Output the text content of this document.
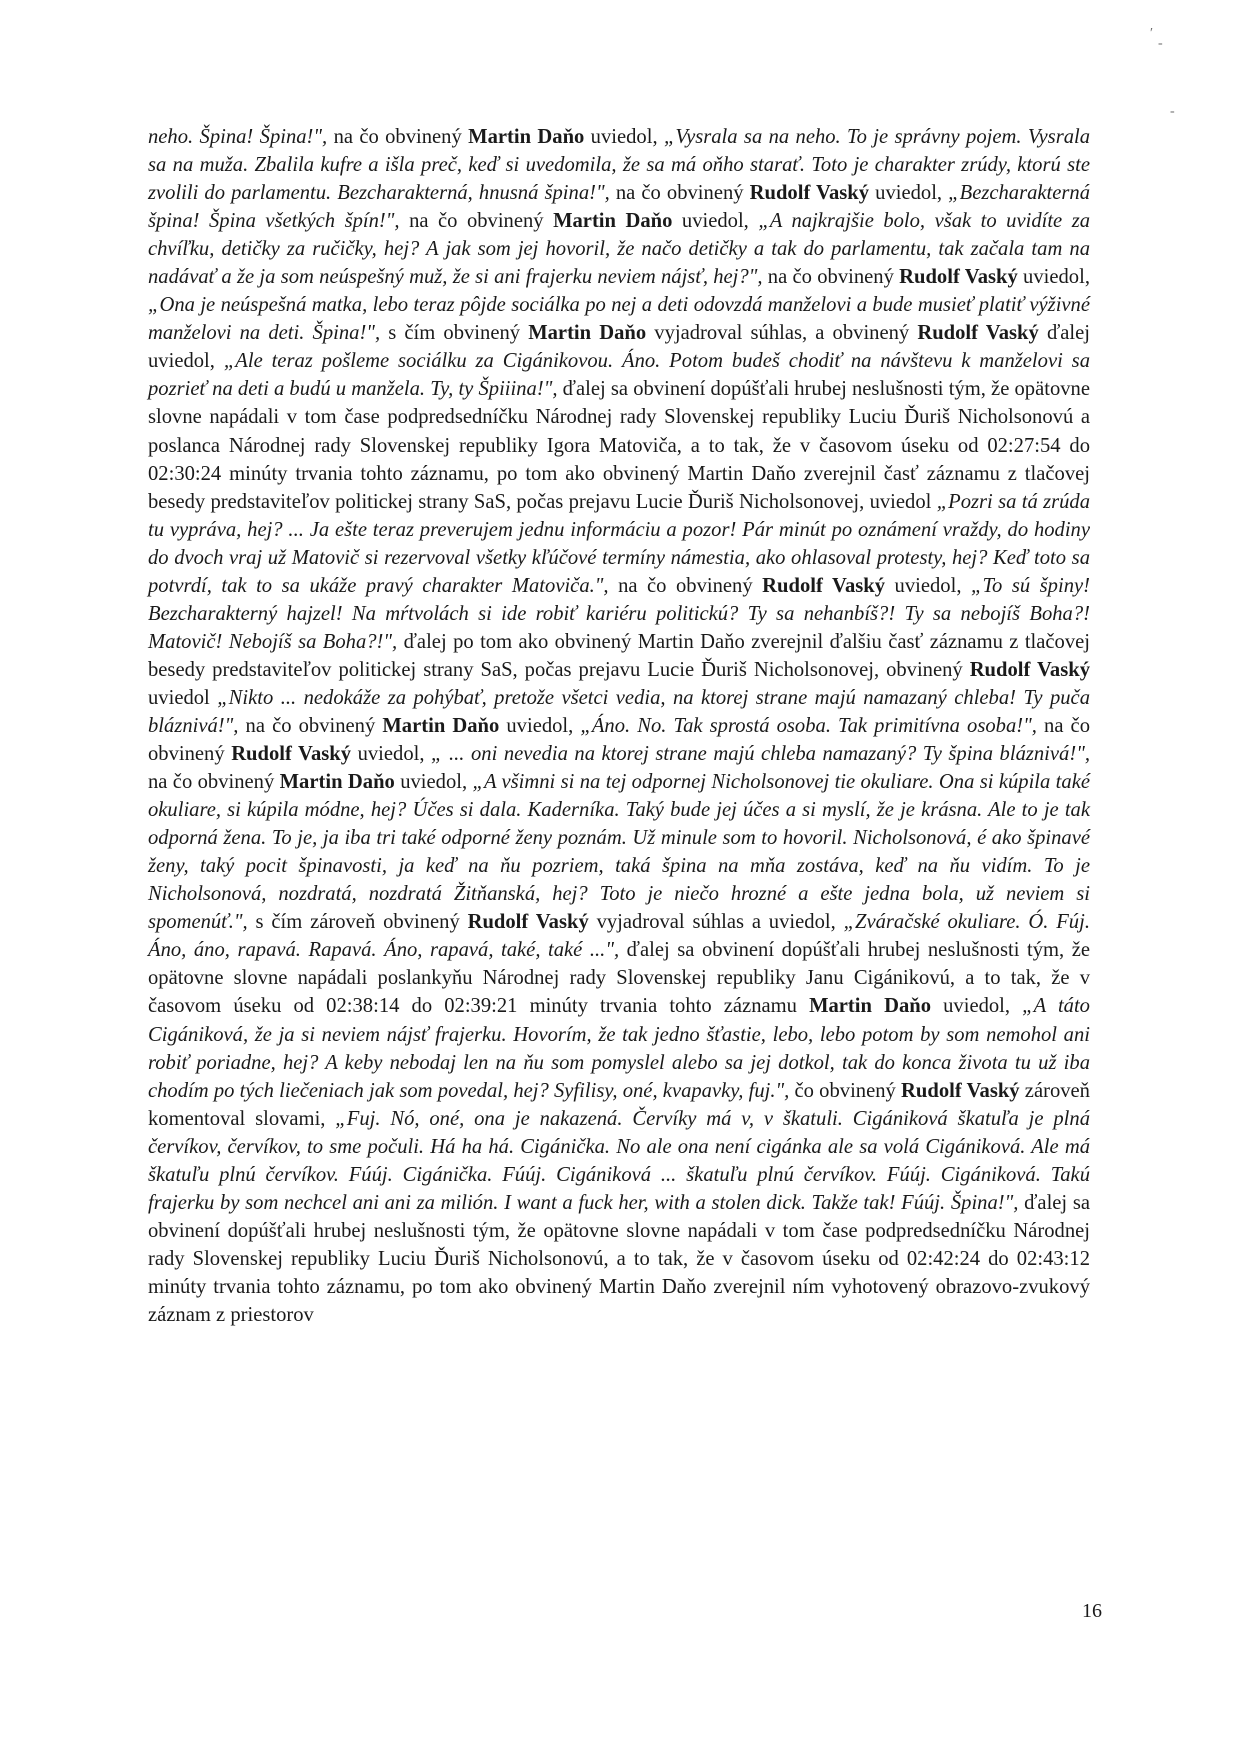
′
-
-
neho. Špina! Špina!", na čo obvinený Martin Daňo uviedol, „Vysrala sa na neho. To je správny pojem. Vysrala sa na muža. Zbalila kufre a išla preč, keď si uvedomila, že sa má oňho starať. Toto je charakter zrúdy, ktorú ste zvolili do parlamentu. Bezcharakterná, hnusná špina!", na čo obvinený Rudolf Vaský uviedol, „Bezcharakterná špina! Špina všetkých špín!", na čo obvinený Martin Daňo uviedol, „A najkrajšie bolo, však to uvidíte za chvíľku, detičky za ručičky, hej? A jak som jej hovoril, že načo detičky a tak do parlamentu, tak začala tam na nadávať a že ja som neúspešný muž, že si ani frajerku neviem nájsť, hej?", na čo obvinený Rudolf Vaský uviedol, „Ona je neúspešná matka, lebo teraz pôjde sociálka po nej a deti odovzdá manželovi a bude musieť platiť výživné manželovi na deti. Špina!", s čím obvinený Martin Daňo vyjadroval súhlas, a obvinený Rudolf Vaský ďalej uviedol, „Ale teraz pošleme sociálku za Cigánikovou. Áno. Potom budeš chodiť na návštevu k manželovi sa pozrieť na deti a budú u manžela. Ty, ty Špiiina!", ďalej sa obvinení dopúšťali hrubej neslušnosti tým, že opätovne slovne napádali v tom čase podpredsedníčku Národnej rady Slovenskej republiky Luciu Ďuriš Nicholsonovú a poslanca Národnej rady Slovenskej republiky Igora Matoviča, a to tak, že v časovom úseku od 02:27:54 do 02:30:24 minúty trvania tohto záznamu, po tom ako obvinený Martin Daňo zverejnil časť záznamu z tlačovej besedy predstaviteľov politickej strany SaS, počas prejavu Lucie Ďuriš Nicholsonovej, uviedol „Pozri sa tá zrúda tu vypráva, hej? ... Ja ešte teraz preverujem jednu informáciu a pozor! Pár minút po oznámení vraždy, do hodiny do dvoch vraj už Matovič si rezervoval všetky kľúčové termíny námestia, ako ohlasoval protesty, hej? Keď toto sa potvrdí, tak to sa ukáže pravý charakter Matoviča.", na čo obvinený Rudolf Vaský uviedol, „To sú špiny! Bezcharakterný hajzel! Na mŕtvolách si ide robiť kariéru politickú? Ty sa nehanbíš?! Ty sa nebojíš Boha?! Matovič! Nebojíš sa Boha?!", ďalej po tom ako obvinený Martin Daňo zverejnil ďalšiu časť záznamu z tlačovej besedy predstaviteľov politickej strany SaS, počas prejavu Lucie Ďuriš Nicholsonovej, obvinený Rudolf Vaský uviedol „Nikto ... nedokáže za pohýbať, pretože všetci vedia, na ktorej strane majú namazaný chleba! Ty puča bláznivá!", na čo obvinený Martin Daňo uviedol, „Áno. No. Tak sprostá osoba. Tak primitívna osoba!", na čo obvinený Rudolf Vaský uviedol, „ ... oni nevedia na ktorej strane majú chleba namazaný? Ty špina bláznivá!", na čo obvinený Martin Daňo uviedol, „A všimni si na tej odpornej Nicholsonovej tie okuliare. Ona si kúpila také okuliare, si kúpila módne, hej? Účes si dala. Kaderníka. Taký bude jej účes a si myslí, že je krásna. Ale to je tak odporná žena. To je, ja iba tri také odporné ženy poznám. Už minule som to hovoril. Nicholsonová, é ako špinavé ženy, taký pocit špinavosti, ja keď na ňu pozriem, taká špina na mňa zostáva, keď na ňu vidím. To je Nicholsonová, nozdratá, nozdratá Žitňanská, hej? Toto je niečo hrozné a ešte jedna bola, už neviem si spomenúť.", s čím zároveň obvinený Rudolf Vaský vyjadroval súhlas a uviedol, „Zváračské okuliare. Ó. Fúj. Áno, áno, rapavá. Rapavá. Áno, rapavá, také, také ...", ďalej sa obvinení dopúšťali hrubej neslušnosti tým, že opätovne slovne napádali poslankyňu Národnej rady Slovenskej republiky Janu Cigánikovú, a to tak, že v časovom úseku od 02:38:14 do 02:39:21 minúty trvania tohto záznamu Martin Daňo uviedol, „A táto Cigániková, že ja si neviem nájsť frajerku. Hovorím, že tak jedno šťastie, lebo, lebo potom by som nemohol ani robiť poriadne, hej? A keby nebodaj len na ňu som pomyslel alebo sa jej dotkol, tak do konca života tu už iba chodím po tých liečeniach jak som povedal, hej? Syfilisy, oné, kvapavky, fuj.", čo obvinený Rudolf Vaský zároveň komentoval slovami, „Fuj. Nó, oné, ona je nakazená. Červíky má v, v škatuli. Cigániková škatuľa je plná červíkov, červíkov, to sme počuli. Há ha há. Cigánička. No ale ona není cigánka ale sa volá Cigániková. Ale má škatuľu plnú červíkov. Fúúj. Cigánička. Fúúj. Cigániková ... škatuľu plnú červíkov. Fúúj. Cigániková. Takú frajerku by som nechcel ani ani za milión. I want a fuck her, with a stolen dick. Takže tak! Fúúj. Špina!", ďalej sa obvinení dopúšťali hrubej neslušnosti tým, že opätovne slovne napádali v tom čase podpredsedníčku Národnej rady Slovenskej republiky Luciu Ďuriš Nicholsonovú, a to tak, že v časovom úseku od 02:42:24 do 02:43:12 minúty trvania tohto záznamu, po tom ako obvinený Martin Daňo zverejnil ním vyhotovený obrazovo-zvukový záznam z priestorov
16
